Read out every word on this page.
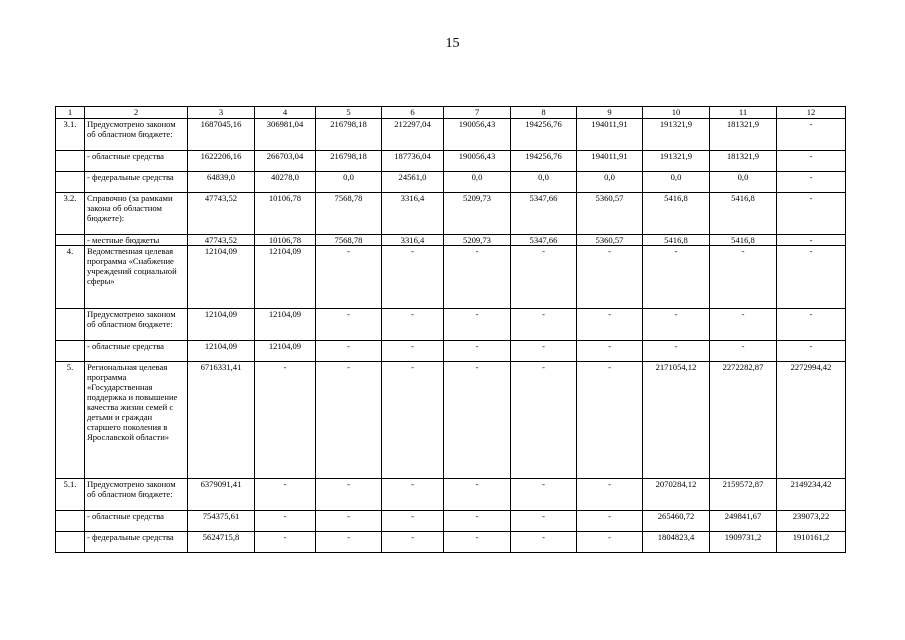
15
1	2	3	4	5	6	7	8	9	10	11	12
3.1.	Предусмотрено законом об областном бюджете:	1687045,16	306981,04	216798,18	212297,04	190056,43	194256,76	194011,91	191321,9	181321,9	-
	- областные средства	1622206,16	266703,04	216798,18	187736,04	190056,43	194256,76	194011,91	191321,9	181321,9	-
	- федеральные средства	64839,0	40278,0	0,0	24561,0	0,0	0,0	0,0	0,0	0,0	-
3.2.	Справочно (за рамками закона об областном бюджете):	47743,52	10106,78	7568,78	3316,4	5209,73	5347,66	5360,57	5416,8	5416,8	-
	- местные бюджеты	47743,52	10106,78	7568,78	3316,4	5209,73	5347,66	5360,57	5416,8	5416,8	-
4.	Ведомственная целевая программа «Снабжение учреждений социальной сферы»	12104,09	12104,09	-	-	-	-	-	-	-	-
	Предусмотрено законом об областном бюджете:	12104,09	12104,09	-	-	-	-	-	-	-	-
	- областные средства	12104,09	12104,09	-	-	-	-	-	-	-	-
5.	Региональная целевая программа «Государственная поддержка и повышение качества жизни семей с детьми и граждан старшего поколения в Ярославской области»	6716331,41	-	-	-	-	-	-	2171054,12	2272282,87	2272994,42
5.1.	Предусмотрено законом об областном бюджете:	6379091,41	-	-	-	-	-	-	2070284,12	2159572,87	2149234,42
	- областные средства	754375,61	-	-	-	-	-	-	265460,72	249841,67	239073,22
	- федеральные средства	5624715,8	-	-	-	-	-	-	1804823,4	1909731,2	1910161,2
